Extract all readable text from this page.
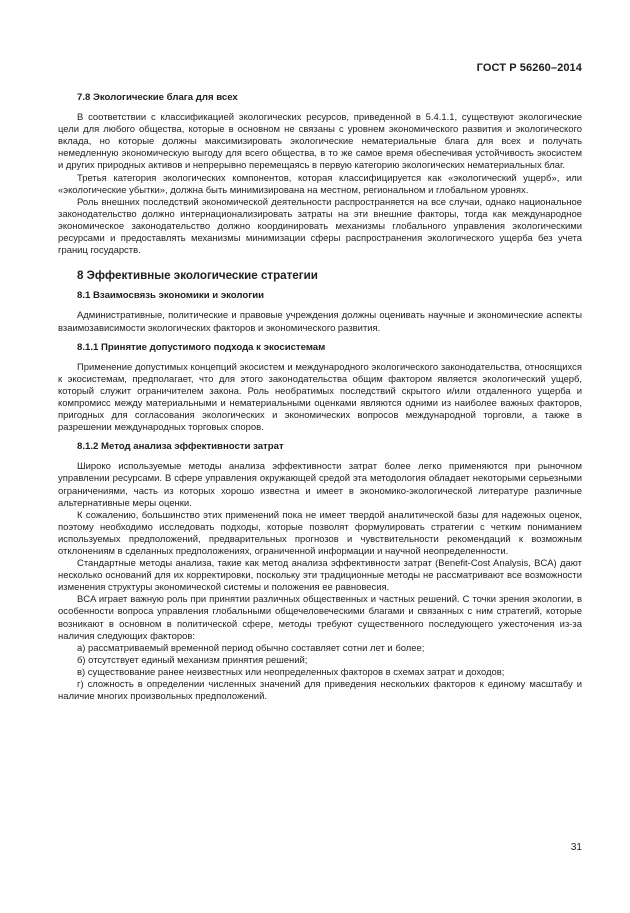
ГОСТ Р 56260–2014
7.8 Экологические блага для всех

В соответствии с классификацией экологических ресурсов, приведенной в 5.4.1.1, существуют экологические цели для любого общества, которые в основном не связаны с уровнем экономического развития и экологического вклада, но которые должны максимизировать экологические нематериальные блага для всех и получать немедленную экономическую выгоду для всего общества, в то же самое время обеспечивая устойчивость экосистем и других природных активов и непрерывно перемещаясь в первую категорию экологических нематериальных благ.

Третья категория экологических компонентов, которая классифицируется как «экологический ущерб», или «экологические убытки», должна быть минимизирована на местном, региональном и глобальном уровнях.

Роль внешних последствий экономической деятельности распространяется на все случаи, однако национальное законодательство должно интернационализировать затраты на эти внешние факторы, тогда как международное экономическое законодательство должно координировать механизмы глобального управления экологическими ресурсами и предоставлять механизмы минимизации сферы распространения экологического ущерба без учета границ государств.

8 Эффективные экологические стратегии
8.1 Взаимосвязь экономики и экологии

Административные, политические и правовые учреждения должны оценивать научные и экономические аспекты взаимозависимости экологических факторов и экономического развития.

8.1.1 Принятие допустимого подхода к экосистемам

Применение допустимых концепций экосистем и международного экологического законодательства, относящихся к экосистемам, предполагает, что для этого законодательства общим фактором является экологический ущерб, который служит ограничителем закона. Роль необратимых последствий скрытого и/или отдаленного ущерба и компромисс между материальными и нематериальными оценками являются одними из наиболее важных факторов, пригодных для согласования экологических и экономических вопросов международной торговли, а также в разрешении международных торговых споров.

8.1.2 Метод анализа эффективности затрат

Широко используемые методы анализа эффективности затрат более легко применяются при рыночном управлении ресурсами. В сфере управления окружающей средой эта методология обладает некоторыми серьезными ограничениями, часть из которых хорошо известна и имеет в экономико-экологической литературе различные альтернативные меры оценки.

К сожалению, большинство этих применений пока не имеет твердой аналитической базы для надежных оценок, поэтому необходимо исследовать подходы, которые позволят формулировать стратегии с четким пониманием используемых предположений, предварительных прогнозов и чувствительности рекомендаций к возможным отклонениям в сделанных предположениях, ограниченной информации и научной неопределенности.

Стандартные методы анализа, такие как метод анализа эффективности затрат (Benefit-Cost Analysis, BCA) дают несколько оснований для их корректировки, поскольку эти традиционные методы не рассматривают все возможности изменения структуры экономической системы и положения ее равновесия.

BCA играет важную роль при принятии различных общественных и частных решений. С точки зрения экологии, в особенности вопроса управления глобальными общечеловеческими благами и связанных с ним стратегий, которые возникают в основном в политической сфере, методы требуют существенного последующего ужесточения из-за наличия следующих факторов:

а) рассматриваемый временной период обычно составляет сотни лет и более;

б) отсутствует единый механизм принятия решений;

в) существование ранее неизвестных или неопределенных факторов в схемах затрат и доходов;

г) сложность в определении численных значений для приведения нескольких факторов к единому масштабу и наличие многих произвольных предположений.

31
